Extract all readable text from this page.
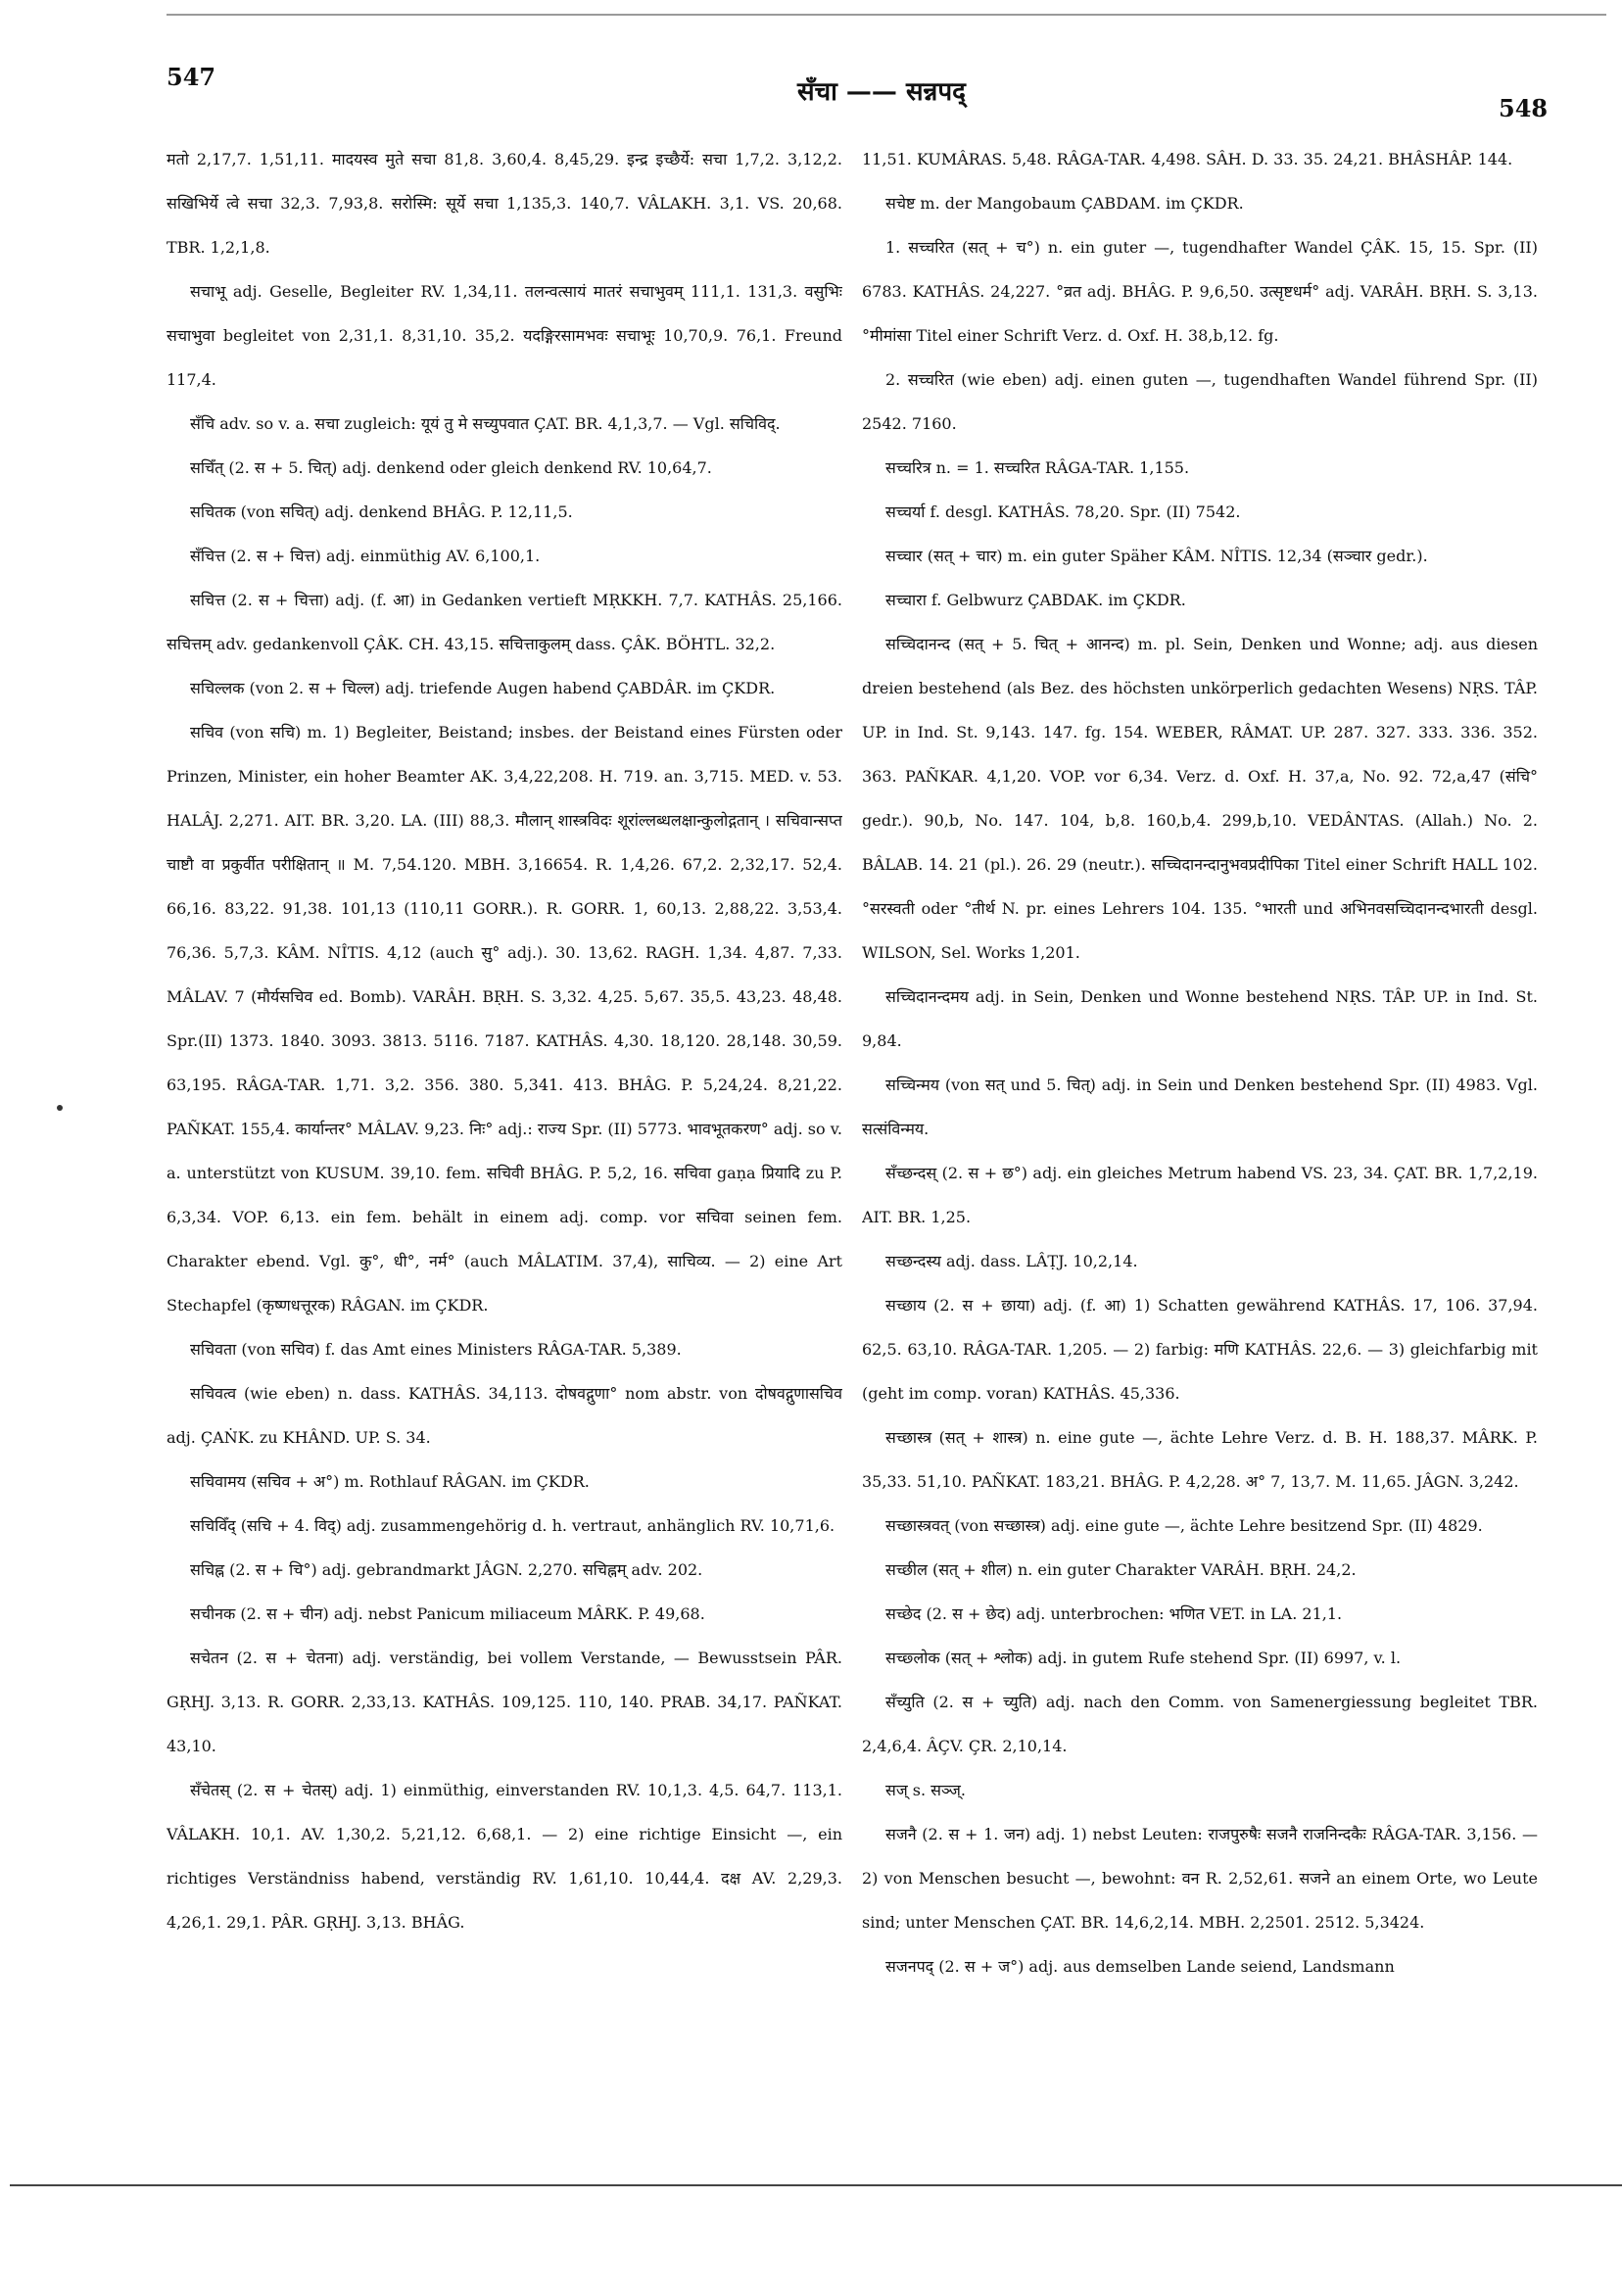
547
सँचा —— सन्नपद्
548

मतो 2,17,7. 1,51,11. मादयस्व मुते सचा 81,8. 3,60,4. 8,45,29. इन्द्र इच्छैर्ये: सचा 1,7,2. 3,12,2. सखिभिर्ये त्वे सचा 32,3. 7,93,8. सरोस्मि: सूर्ये सचा 1,135,3. 140,7. VÂLAKH. 3,1. VS. 20,68. TBR. 1,2,1,8.

सचाभू adj. Geselle, Begleiter RV. 1,34,11. तलन्वत्सायं मातरं सचाभुवम् 111,1. 131,3. वसुभिः सचाभुवा begleitet von 2,31,1. 8,31,10. 35,2. यदङ्गिरसामभवः सचाभूः 10,70,9. 76,1. Freund 117,4.

सँचि adv. so v. a. सचा zugleich: यूयं तु मे सच्युपवात ÇAT. BR. 4,1,3,7. — Vgl. सचिविद्.

सचिँत् (2. स + 5. चित्) adj. denkend oder gleich denkend RV. 10,64,7.

सचितक (von सचित्) adj. denkend BHÂG. P. 12,11,5.

सँचित्त (2. स + चित्त) adj. einmüthig AV. 6,100,1.

सचित्त (2. स + चित्ता) adj. (f. आ) in Gedanken vertieft MṚKKH. 7,7. KATHÂS. 25,166. सचित्तम् adv. gedankenvoll ÇÂK. CH. 43,15. सचित्ताकुलम् dass. ÇÂK. BÖHTL. 32,2.

सचिल्लक (von 2. स + चिल्ल) adj. triefende Augen habend ÇABDÂR. im ÇKDR.

सचिव (von सचि) m. 1) Begleiter, Beistand; insbes. der Beistand eines Fürsten oder Prinzen, Minister, ein hoher Beamter AK. 3,4,22,208. H. 719. an. 3,715. MED. v. 53. HALÂJ. 2,271. AIT. BR. 3,20. LA. (III) 88,3. मौलान् शास्त्रविदः शूरांल्लब्धलक्षान्कुलोद्गतान् । सचिवान्सप्त चाष्टौ वा प्रकुर्वीत परीक्षितान् ॥ M. 7,54.120. MBH. 3,16654. R. 1,4,26. 67,2. 2,32,17. 52,4. 66,16. 83,22. 91,38. 101,13 (110,11 GORR.). R. GORR. 1, 60,13. 2,88,22. 3,53,4. 76,36. 5,7,3. KÂM. NÎTIS. 4,12 (auch सु° adj.). 30. 13,62. RAGH. 1,34. 4,87. 7,33. MÂLAV. 7 (मौर्यसचिव ed. Bomb). VARÂH. BṚH. S. 3,32. 4,25. 5,67. 35,5. 43,23. 48,48. Spr.(II) 1373. 1840. 3093. 3813. 5116. 7187. KATHÂS. 4,30. 18,120. 28,148. 30,59. 63,195. RÂGA-TAR. 1,71. 3,2. 356. 380. 5,341. 413. BHÂG. P. 5,24,24. 8,21,22. PAÑKAT. 155,4. कार्यान्तर° MÂLAV. 9,23. निः° adj.: राज्य Spr. (II) 5773. भावभूतकरण° adj. so v. a. unterstützt von KUSUM. 39,10. fem. सचिवी BHÂG. P. 5,2, 16. सचिवा gaṇa प्रियादि zu P. 6,3,34. VOP. 6,13. ein fem. behält in einem adj. comp. vor सचिवा seinen fem. Charakter ebend. Vgl. कु°, धी°, नर्म° (auch MÂLATIM. 37,4), साचिव्य. — 2) eine Art Stechapfel (कृष्णधत्तूरक) RÂGAN. im ÇKDR.

सचिवता (von सचिव) f. das Amt eines Ministers RÂGA-TAR. 5,389.

सचिवत्व (wie eben) n. dass. KATHÂS. 34,113. दोषवद्गुणा° nom abstr. von दोषवद्गुणासचिव adj. ÇAṄK. zu KHÂND. UP. S. 34.

सचिवामय (सचिव + अ°) m. Rothlauf RÂGAN. im ÇKDR.

सचिविँद् (सचि + 4. विद्) adj. zusammengehörig d. h. vertraut, anhänglich RV. 10,71,6.

सचिह्न (2. स + चि°) adj. gebrandmarkt JÂGN. 2,270. सचिह्नम् adv. 202.

सचीनक (2. स + चीन) adj. nebst Panicum miliaceum MÂRK. P. 49,68.

सचेतन (2. स + चेतना) adj. verständig, bei vollem Verstande, — Bewusstsein PÂR. GṚHJ. 3,13. R. GORR. 2,33,13. KATHÂS. 109,125. 110, 140. PRAB. 34,17. PAÑKAT. 43,10.

सँचेतस् (2. स + चेतस्) adj. 1) einmüthig, einverstanden RV. 10,1,3. 4,5. 64,7. 113,1. VÂLAKH. 10,1. AV. 1,30,2. 5,21,12. 6,68,1. — 2) eine richtige Einsicht —, ein richtiges Verständniss habend, verständig RV. 1,61,10. 10,44,4. दक्ष AV. 2,29,3. 4,26,1. 29,1. PÂR. GṚHJ. 3,13. BHÂG.

11,51. KUMÂRAS. 5,48. RÂGA-TAR. 4,498. SÂH. D. 33. 35. 24,21. BHÂSHÂP. 144.

सचेष्ट m. der Mangobaum ÇABDAM. im ÇKDR.

1. सच्चरित (सत् + च°) n. ein guter —, tugendhafter Wandel ÇÂK. 15, 15. Spr. (II) 6783. KATHÂS. 24,227. °व्रत adj. BHÂG. P. 9,6,50. उत्सृष्टधर्म° adj. VARÂH. BṚH. S. 3,13. °मीमांसा Titel einer Schrift Verz. d. Oxf. H. 38,b,12. fg.

2. सच्चरित (wie eben) adj. einen guten —, tugendhaften Wandel führend Spr. (II) 2542. 7160.

सच्चरित्र n. = 1. सच्चरित RÂGA-TAR. 1,155.

सच्चर्या f. desgl. KATHÂS. 78,20. Spr. (II) 7542.

सच्चार (सत् + चार) m. ein guter Späher KÂM. NÎTIS. 12,34 (सञ्चार gedr.).

सच्चारा f. Gelbwurz ÇABDAK. im ÇKDR.

सच्चिदानन्द (सत् + 5. चित् + आनन्द) m. pl. Sein, Denken und Wonne; adj. aus diesen dreien bestehend (als Bez. des höchsten unkörperlich gedachten Wesens) NṚS. TÂP. UP. in Ind. St. 9,143. 147. fg. 154. WEBER, RÂMAT. UP. 287. 327. 333. 336. 352. 363. PAÑKAR. 4,1,20. VOP. vor 6,34. Verz. d. Oxf. H. 37,a, No. 92. 72,a,47 (संचि° gedr.). 90,b, No. 147. 104, b,8. 160,b,4. 299,b,10. VEDÂNTAS. (Allah.) No. 2. BÂLAB. 14. 21 (pl.). 26. 29 (neutr.). सच्चिदानन्दानुभवप्रदीपिका Titel einer Schrift HALL 102. °सरस्वती oder °तीर्थ N. pr. eines Lehrers 104. 135. °भारती und अभिनवसच्चिदानन्दभारती desgl. WILSON, Sel. Works 1,201.

सच्चिदानन्दमय adj. in Sein, Denken und Wonne bestehend NṚS. TÂP. UP. in Ind. St. 9,84.

सच्चिन्मय (von सत् und 5. चित्) adj. in Sein und Denken bestehend Spr. (II) 4983. Vgl. सत्संविन्मय.

सँच्छन्दस् (2. स + छ°) adj. ein gleiches Metrum habend VS. 23, 34. ÇAT. BR. 1,7,2,19. AIT. BR. 1,25.

सच्छन्दस्य adj. dass. LÂṬJ. 10,2,14.

सच्छाय (2. स + छाया) adj. (f. आ) 1) Schatten gewährend KATHÂS. 17, 106. 37,94. 62,5. 63,10. RÂGA-TAR. 1,205. — 2) farbig: मणि KATHÂS. 22,6. — 3) gleichfarbig mit (geht im comp. voran) KATHÂS. 45,336.

सच्छास्त्र (सत् + शास्त्र) n. eine gute —, ächte Lehre Verz. d. B. H. 188,37. MÂRK. P. 35,33. 51,10. PAÑKAT. 183,21. BHÂG. P. 4,2,28. अ° 7, 13,7. M. 11,65. JÂGN. 3,242.

सच्छास्त्रवत् (von सच्छास्त्र) adj. eine gute —, ächte Lehre besitzend Spr. (II) 4829.

सच्छील (सत् + शील) n. ein guter Charakter VARÂH. BṚH. 24,2.

सच्छेद (2. स + छेद) adj. unterbrochen: भणित VET. in LA. 21,1.

सच्छ्लोक (सत् + श्लोक) adj. in gutem Rufe stehend Spr. (II) 6997, v. l.

सँच्युति (2. स + च्युति) adj. nach den Comm. von Samenergiessung begleitet TBR. 2,4,6,4. ÂÇV. ÇR. 2,10,14.

सज् s. सञ्ज्.

सजनै (2. स + 1. जन) adj. 1) nebst Leuten: राजपुरुषैः सजनै राजनिन्दकैः RÂGA-TAR. 3,156. — 2) von Menschen besucht —, bewohnt: वन R. 2,52,61. सजने an einem Orte, wo Leute sind; unter Menschen ÇAT. BR. 14,6,2,14. MBH. 2,2501. 2512. 5,3424.

सजनपद् (2. स + ज°) adj. aus demselben Lande seiend, Landsmann
